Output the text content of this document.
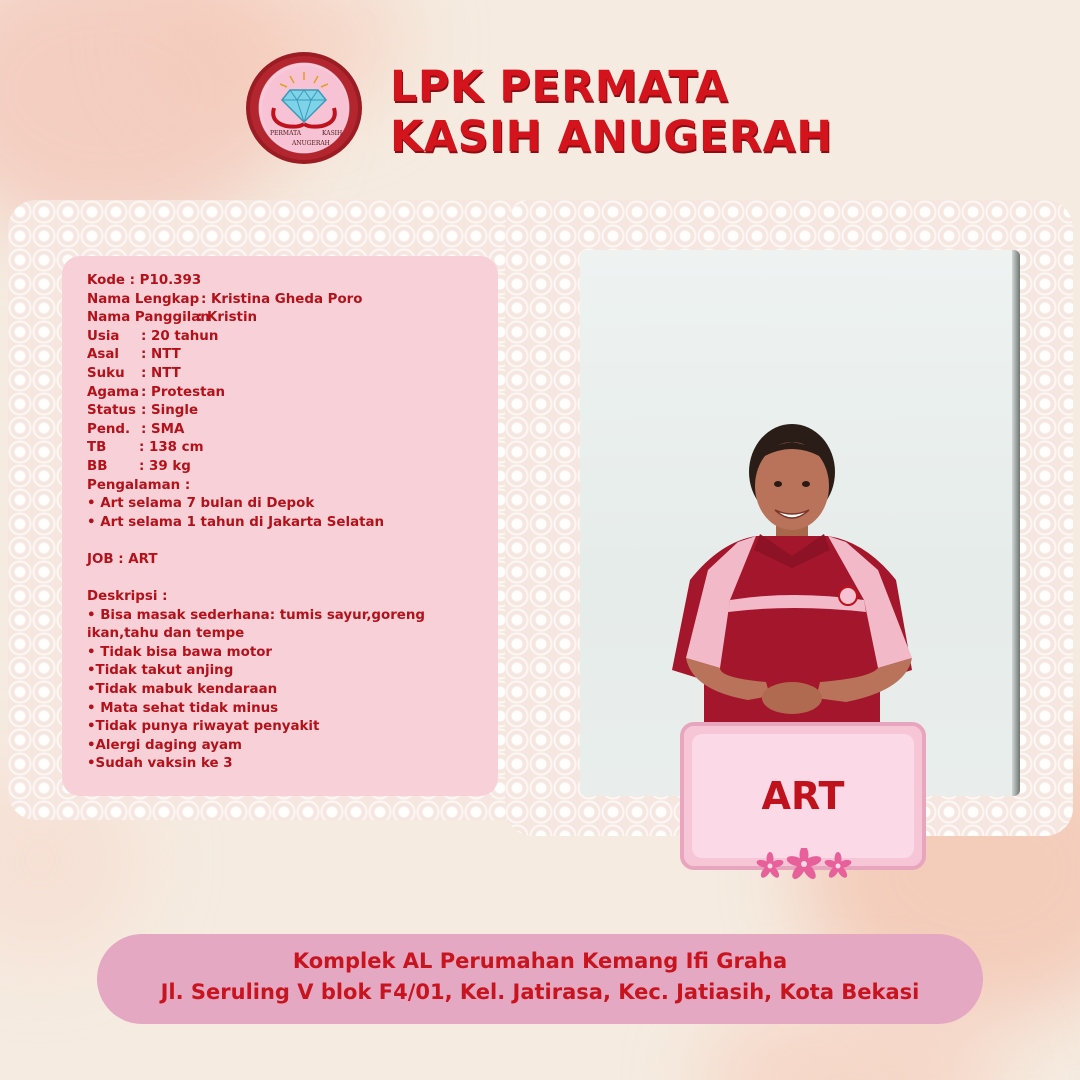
PERMATA	KASIH
ANUGERAH
LPK PERMATA
KASIH ANUGERAH
Kode : P10.393
Nama Lengkap : Kristina Gheda Poro
Nama Panggilan
: Kristin
Usia	: 20 tahun
Asal	: NTT
Suku	: NTT
Agama : Protestan
Status : Single
Pend. : SMA
TB	: 138 cm
BB	: 39 kg
Pengalaman :
• Art selama 7 bulan di Depok
• Art selama 1 tahun di Jakarta Selatan
JOB : ART
Deskripsi :
• Bisa masak sederhana: tumis sayur,goreng ikan,tahu dan tempe
• Tidak bisa bawa motor
•Tidak takut anjing
•Tidak mabuk kendaraan
• Mata sehat tidak minus
•Tidak punya riwayat penyakit
•Alergi daging ayam
•Sudah vaksin ke 3
ART
Komplek AL Perumahan Kemang Ifi Graha
Jl. Seruling V blok F4/01, Kel. Jatirasa, Kec. Jatiasih, Kota Bekasi
